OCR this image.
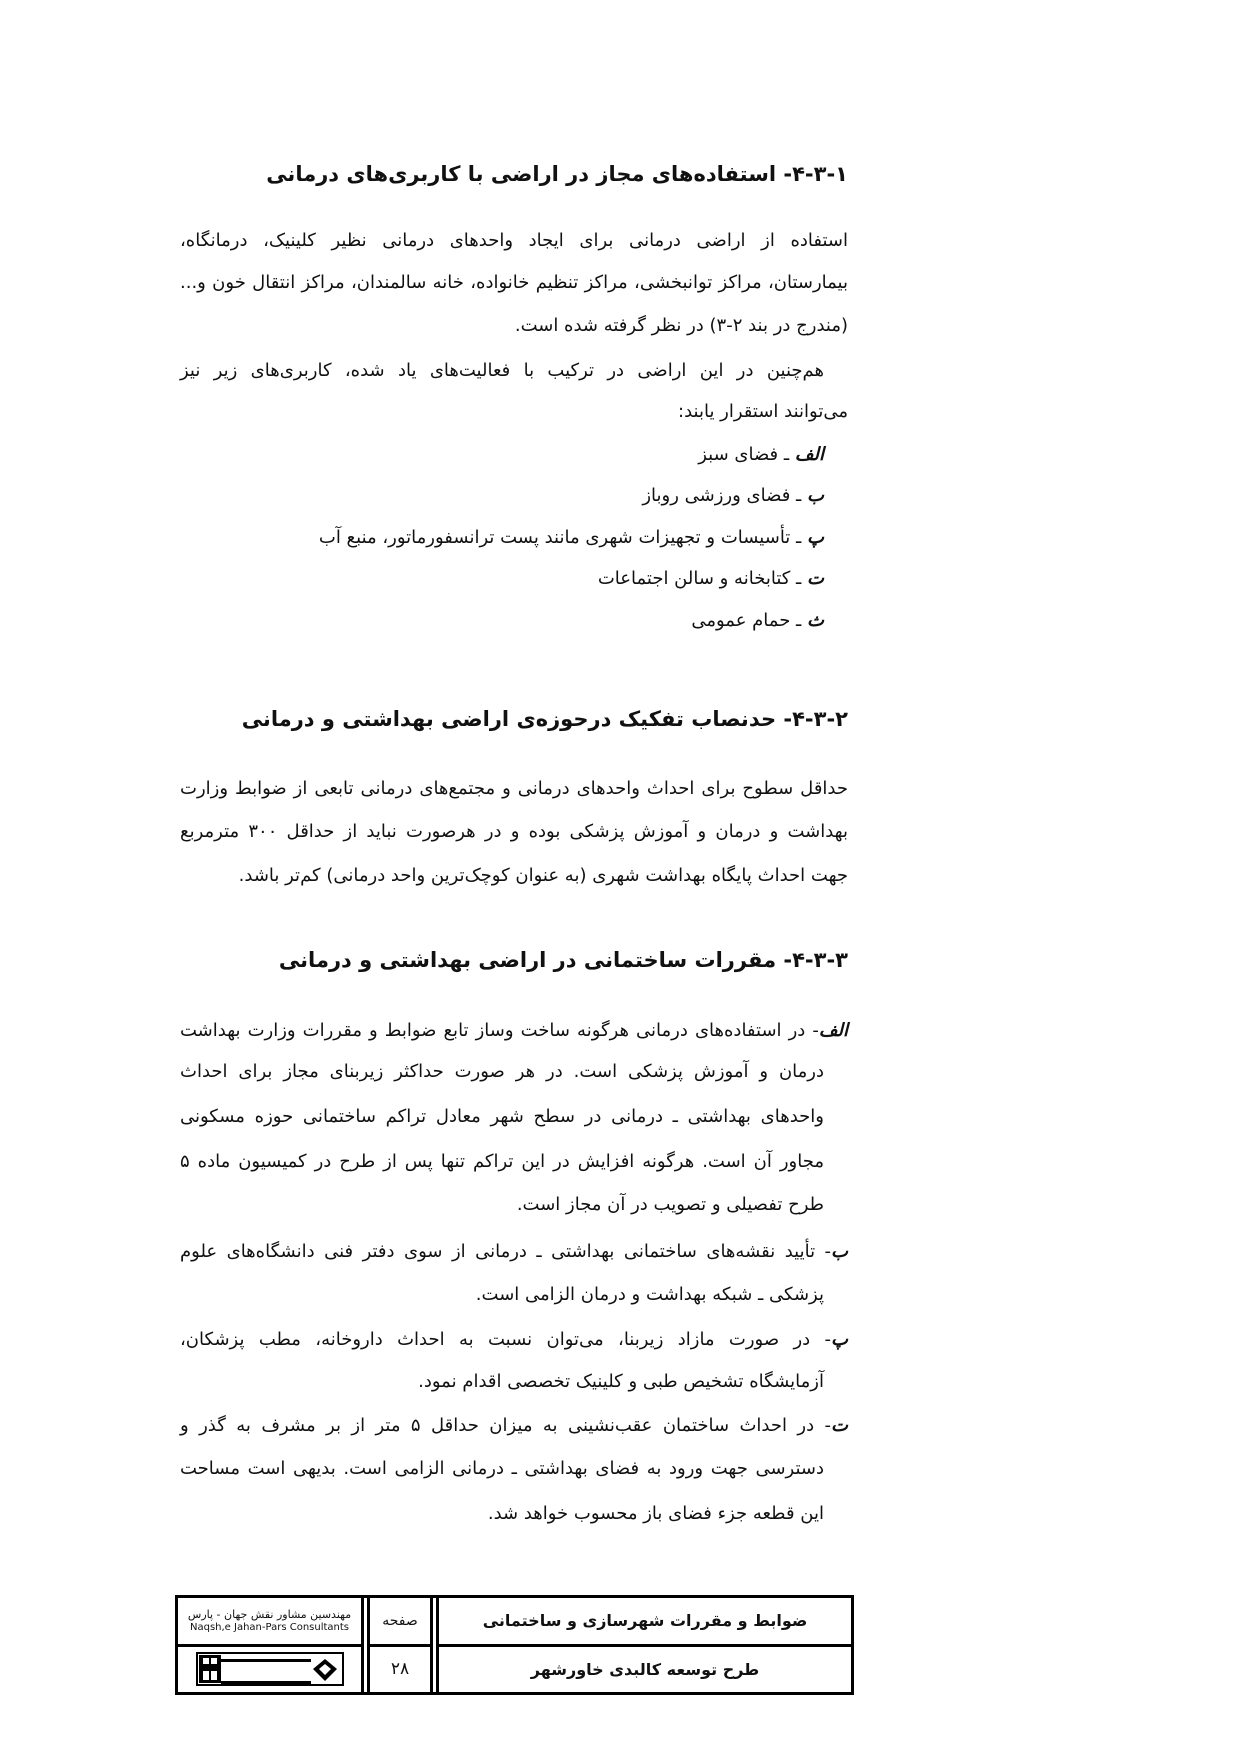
۴-۳-۱- استفاده‌های مجاز در اراضی با کاربری‌های درمانی
استفاده از اراضی درمانی برای ایجاد واحدهای درمانی نظیر کلینیک، درمانگاه،
بیمارستان، مراکز توانبخشی، مراکز تنظیم خانواده، خانه سالمندان، مراکز انتقال خون و...
(مندرج در بند ۲-۳) در نظر گرفته شده است.
هم‌چنین در این اراضی در ترکیب با فعالیت‌های یاد شده، کاربری‌های زیر نیز
می‌توانند استقرار یابند:
الف ـ فضای سبز
ب ـ فضای ورزشی روباز
پ ـ تأسیسات و تجهیزات شهری مانند پست ترانسفورماتور، منبع آب
ت ـ کتابخانه و سالن اجتماعات
ث ـ حمام عمومی
۴-۳-۲- حدنصاب تفکیک درحوزه‌ی اراضی بهداشتی و درمانی
حداقل سطوح برای احداث واحدهای درمانی و مجتمع‌های درمانی تابعی از ضوابط وزارت
بهداشت و درمان و آموزش پزشکی بوده و در هرصورت نباید از حداقل ۳۰۰ مترمربع
جهت احداث پایگاه بهداشت شهری (به عنوان کوچک‌ترین واحد درمانی) کم‌تر باشد.
۴-۳-۳- مقررات ساختمانی در اراضی بهداشتی و درمانی
الف- در استفاده‌های درمانی هرگونه ساخت وساز تابع ضوابط و مقررات وزارت بهداشت
درمان و آموزش پزشکی است. در هر صورت حداکثر زیربنای مجاز برای احداث
واحدهای بهداشتی ـ درمانی در سطح شهر معادل تراکم ساختمانی حوزه مسکونی
مجاور آن است. هرگونه افزایش در این تراکم تنها پس از طرح در کمیسیون ماده ۵
طرح تفصیلی و تصویب در آن مجاز است.
ب- تأیید نقشه‌های ساختمانی بهداشتی ـ درمانی از سوی دفتر فنی دانشگاه‌های علوم
پزشکی ـ شبکه بهداشت و درمان الزامی است.
پ- در صورت مازاد زیربنا، می‌توان نسبت به احداث داروخانه، مطب پزشکان،
آزمایشگاه تشخیص طبی و کلینیک تخصصی اقدام نمود.
ت- در احداث ساختمان عقب‌نشینی به میزان حداقل ۵ متر از بر مشرف به گذر و
دسترسی جهت ورود به فضای بهداشتی ـ درمانی الزامی است. بدیهی است مساحت
این قطعه جزء فضای باز محسوب خواهد شد.
مهندسین مشاور نقش جهان - پارس
Naqsh,e Jahan-Pars Consultants	صفحه
۲۸
ضوابط و مقررات شهرسازی و ساختمانی
طرح توسعه کالبدی خاورشهر
